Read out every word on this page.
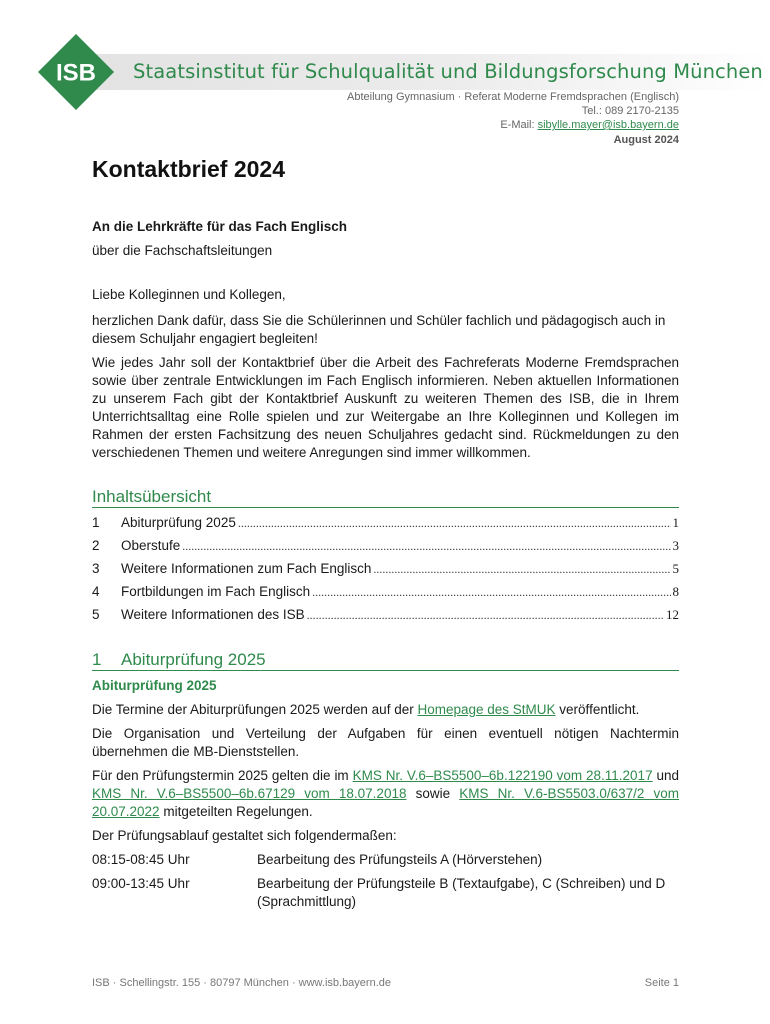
ISB Staatsinstitut für Schulqualität und Bildungsforschung München
Abteilung Gymnasium · Referat Moderne Fremdsprachen (Englisch)
Tel.: 089 2170-2135
E-Mail: sibylle.mayer@isb.bayern.de
August 2024
Kontaktbrief 2024
An die Lehrkräfte für das Fach Englisch
über die Fachschaftsleitungen
Liebe Kolleginnen und Kollegen,
herzlichen Dank dafür, dass Sie die Schülerinnen und Schüler fachlich und pädagogisch auch in diesem Schuljahr engagiert begleiten!
Wie jedes Jahr soll der Kontaktbrief über die Arbeit des Fachreferats Moderne Fremdsprachen sowie über zentrale Entwicklungen im Fach Englisch informieren. Neben aktuellen Informationen zu unserem Fach gibt der Kontaktbrief Auskunft zu weiteren Themen des ISB, die in Ihrem Unterrichtsalltag eine Rolle spielen und zur Weitergabe an Ihre Kolleginnen und Kollegen im Rahmen der ersten Fachsitzung des neuen Schuljahres gedacht sind. Rückmeldungen zu den verschiedenen Themen und weitere Anregungen sind immer willkommen.
Inhaltsübersicht
1	Abiturprüfung 2025 .....	1
2	Oberstufe .....	3
3	Weitere Informationen zum Fach Englisch .....	5
4	Fortbildungen im Fach Englisch .....	8
5	Weitere Informationen des ISB .....	12
1 Abiturprüfung 2025
Abiturprüfung 2025
Die Termine der Abiturprüfungen 2025 werden auf der Homepage des StMUK veröffentlicht.
Die Organisation und Verteilung der Aufgaben für einen eventuell nötigen Nachtermin übernehmen die MB-Dienststellen.
Für den Prüfungstermin 2025 gelten die im KMS Nr. V.6–BS5500–6b.122190 vom 28.11.2017 und KMS Nr. V.6–BS5500–6b.67129 vom 18.07.2018 sowie KMS Nr. V.6-BS5503.0/637/2 vom 20.07.2022 mitgeteilten Regelungen.
Der Prüfungsablauf gestaltet sich folgendermaßen:
08:15-08:45 Uhr	Bearbeitung des Prüfungsteils A (Hörverstehen)
09:00-13:45 Uhr	Bearbeitung der Prüfungsteile B (Textaufgabe), C (Schreiben) und D (Sprachmittlung)
ISB · Schellingstr. 155 · 80797 München · www.isb.bayern.de	Seite 1
